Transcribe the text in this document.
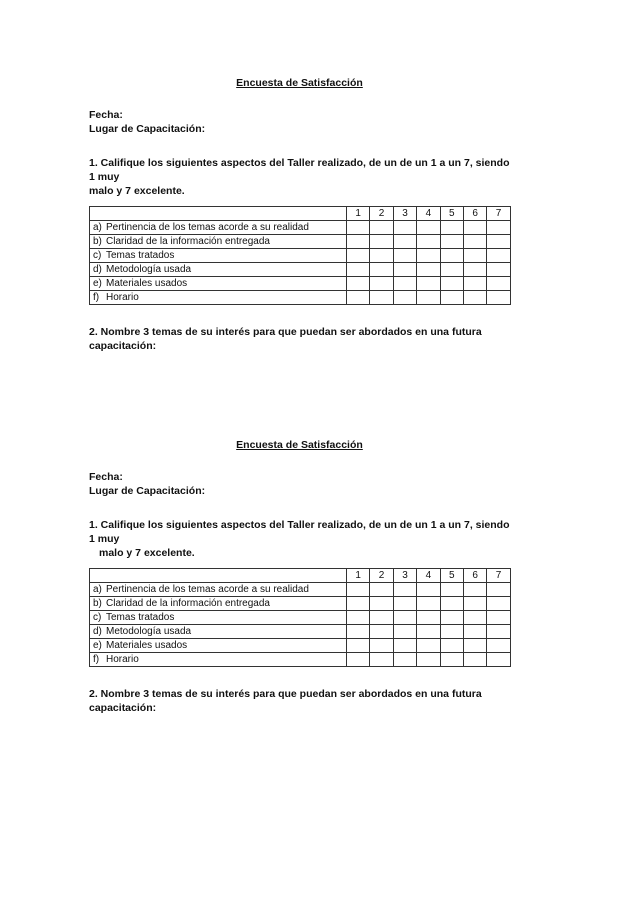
Encuesta de Satisfacción

Fecha:

Lugar de Capacitación:

1. Califique los siguientes aspectos del Taller realizado, de un de un 1 a un 7, siendo 1 muy
malo y 7 excelente.
	1	2	3	4	5	6	7
a) Pertinencia de los temas acorde a su realidad							
b) Claridad de la información entregada							
c) Temas tratados							
d) Metodología usada							
e) Materiales usados							
f) Horario							
2. Nombre 3 temas de su interés para que puedan ser abordados en una futura
capacitación:

Encuesta de Satisfacción

Fecha:

Lugar de Capacitación:

1. Califique los siguientes aspectos del Taller realizado, de un de un 1 a un 7, siendo 1 muy
malo y 7 excelente.
	1	2	3	4	5	6	7
a) Pertinencia de los temas acorde a su realidad							
b) Claridad de la información entregada							
c) Temas tratados							
d) Metodología usada							
e) Materiales usados							
f) Horario							
2. Nombre 3 temas de su interés para que puedan ser abordados en una futura
capacitación:
